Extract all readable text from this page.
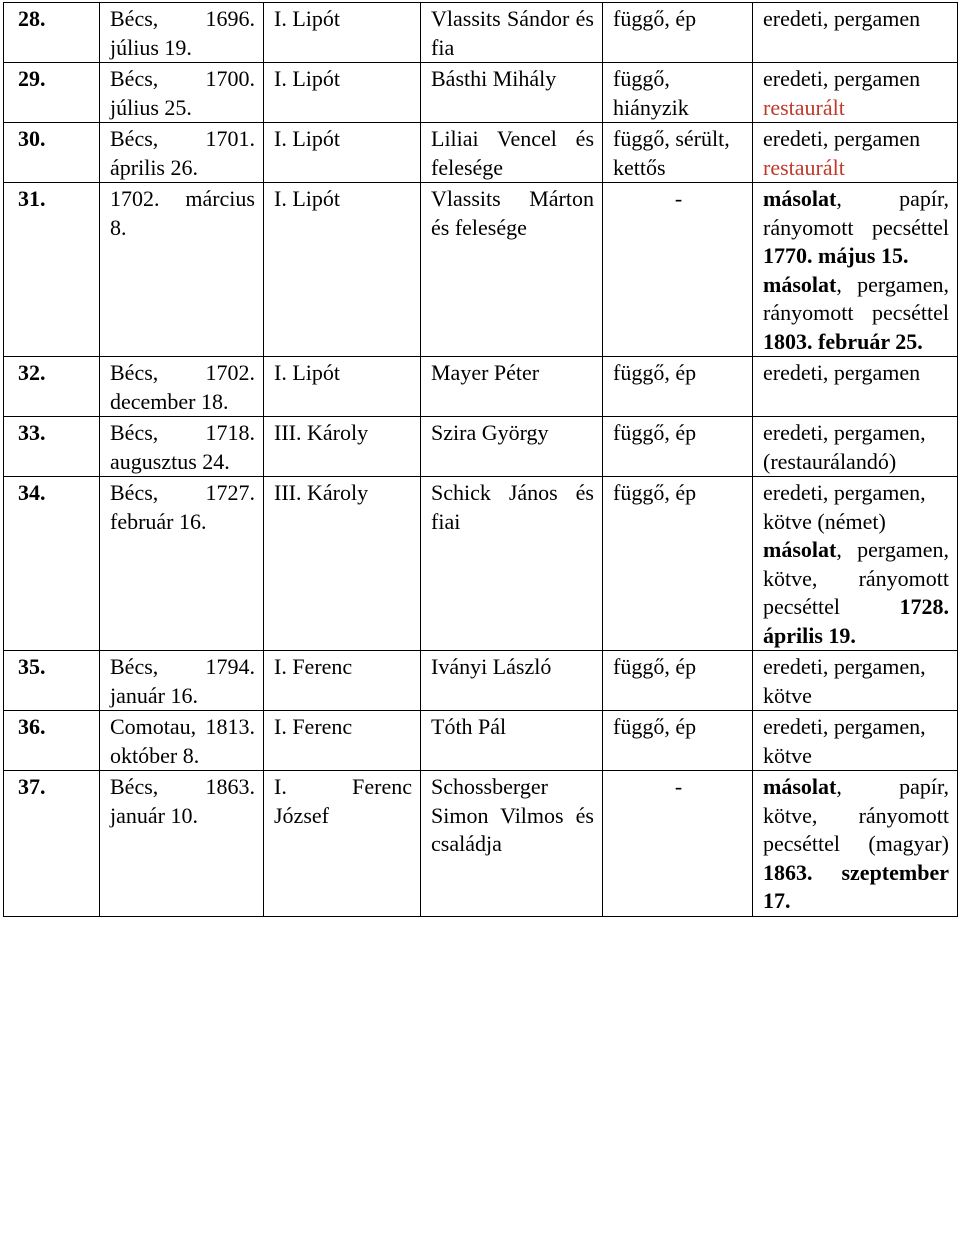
28.	Bécs, 1696. július 19.	I. Lipót	Vlassits Sándor és fia	függő, ép	eredeti, pergamen

29.	Bécs, 1700. július 25.	I. Lipót	Básthi Mihály	függő, hiányzik	eredeti, pergamen
restaurált

30.	Bécs, 1701. április 26.	I. Lipót	Liliai Vencel és felesége	függő, sérült, kettős	eredeti, pergamen
restaurált

31.	1702. március 8.	I. Lipót	Vlassits Márton és felesége	-	másolat, papír, rányomott pecséttel 1770. május 15.
másolat, pergamen, rányomott pecséttel 1803. február 25.

32.	Bécs, 1702. december 18.	I. Lipót	Mayer Péter	függő, ép	eredeti, pergamen

33.	Bécs, 1718. augusztus 24.	III. Károly	Szira György	függő, ép	eredeti, pergamen,
(restaurálandó)

34.	Bécs, 1727. február 16.	III. Károly	Schick János és fiai	függő, ép	eredeti, pergamen,
kötve (német)
másolat, pergamen, kötve, rányomott pecséttel 1728. április 19.

35.	Bécs, 1794. január 16.	I. Ferenc	Iványi László	függő, ép	eredeti, pergamen,
kötve

36.	Comotau, 1813. október 8.	I. Ferenc	Tóth Pál	függő, ép	eredeti, pergamen,
kötve

37.	Bécs, 1863. január 10.	I. Ferenc József	Schossberger Simon Vilmos és családja	-	másolat, papír, kötve, rányomott pecséttel (magyar) 1863. szeptember 17.
